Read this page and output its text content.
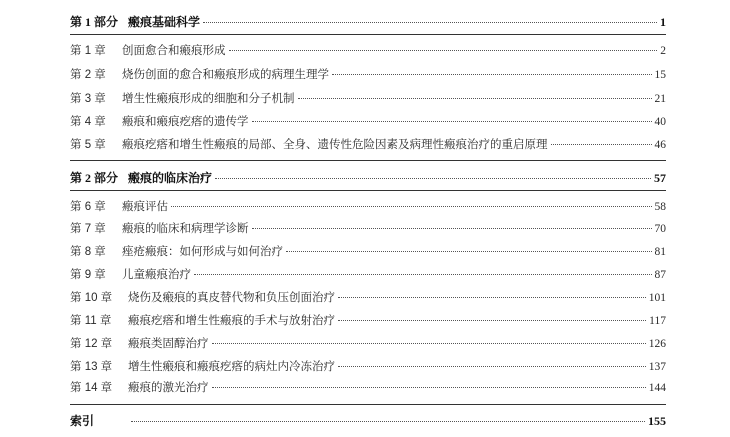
第 1 部分 瘢痕基础科学	1
第 1 章	创面愈合和瘢痕形成	2
第 2 章	烧伤创面的愈合和瘢痕形成的病理生理学	15
第 3 章	增生性瘢痕形成的细胞和分子机制	21
第 4 章	瘢痕和瘢痕疙瘩的遗传学	40
第 5 章	瘢痕疙瘩和增生性瘢痕的局部、全身、遗传性危险因素及病理性瘢痕治疗的重启原理	46
第 2 部分 瘢痕的临床治疗	57
第 6 章	瘢痕评估	58
第 7 章	瘢痕的临床和病理学诊断	70
第 8 章	痤疮瘢痕：如何形成与如何治疗	81
第 9 章	儿童瘢痕治疗	87
第 10 章	烧伤及瘢痕的真皮替代物和负压创面治疗	101
第 11 章	瘢痕疙瘩和增生性瘢痕的手术与放射治疗	117
第 12 章	瘢痕类固醇治疗	126
第 13 章	增生性瘢痕和瘢痕疙瘩的病灶内冷冻治疗	137
第 14 章	瘢痕的激光治疗	144
索引	155
